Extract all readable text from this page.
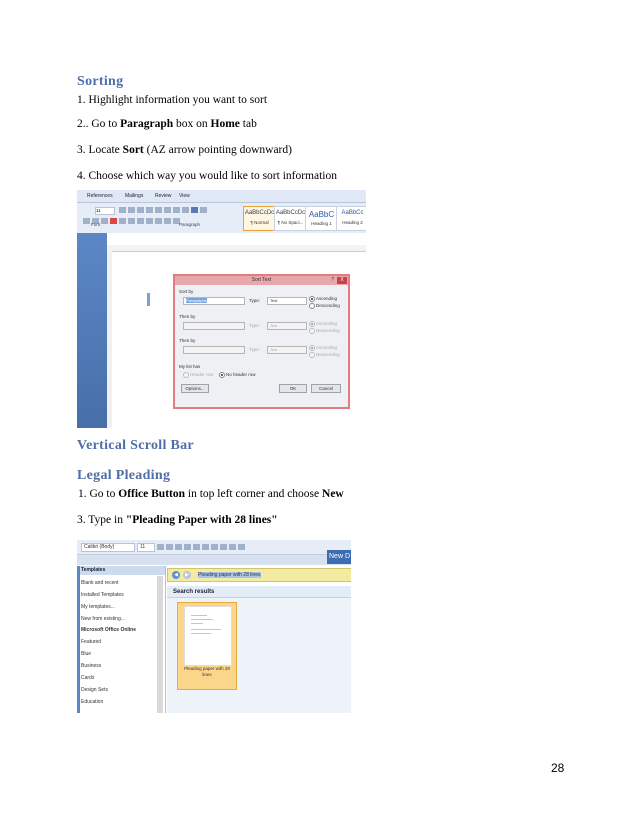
Sorting
1. Highlight information you want to sort
2.. Go to Paragraph box on Home tab
3. Locate Sort (AZ arrow pointing downward)
4. Choose which way you would like to sort information
References Mailings Review View
11	AaBbCcDc
¶ Normal
AaBbCcDc
¶ No Spaci...
AaBbC
Heading 1
AaBbCc
Heading 2
Font	Paragraph
Sort Text	?	X
Sort by
Paragraphs	Type:	Text	Ascending
Descending
Then by
Type:	Text	Ascending
Descending
Then by
Type:	Text	Ascending
Descending
My list has
Header row	No header row
Options...	OK	Cancel
Vertical Scroll Bar
Legal Pleading
1. Go to Office Button in top left corner and choose New
3. Type in "Pleading Paper with 28 lines"
Calibri (Body)	11
New D
Templates
Blank and recent
Installed Templates
My templates...
New from existing...
Microsoft Office Online
Featured
Blue
Business
Cards
Design Sets
Education
◀	▶	Pleading paper with 28 lines
Search results
Pleading paper with 28 lines
28
